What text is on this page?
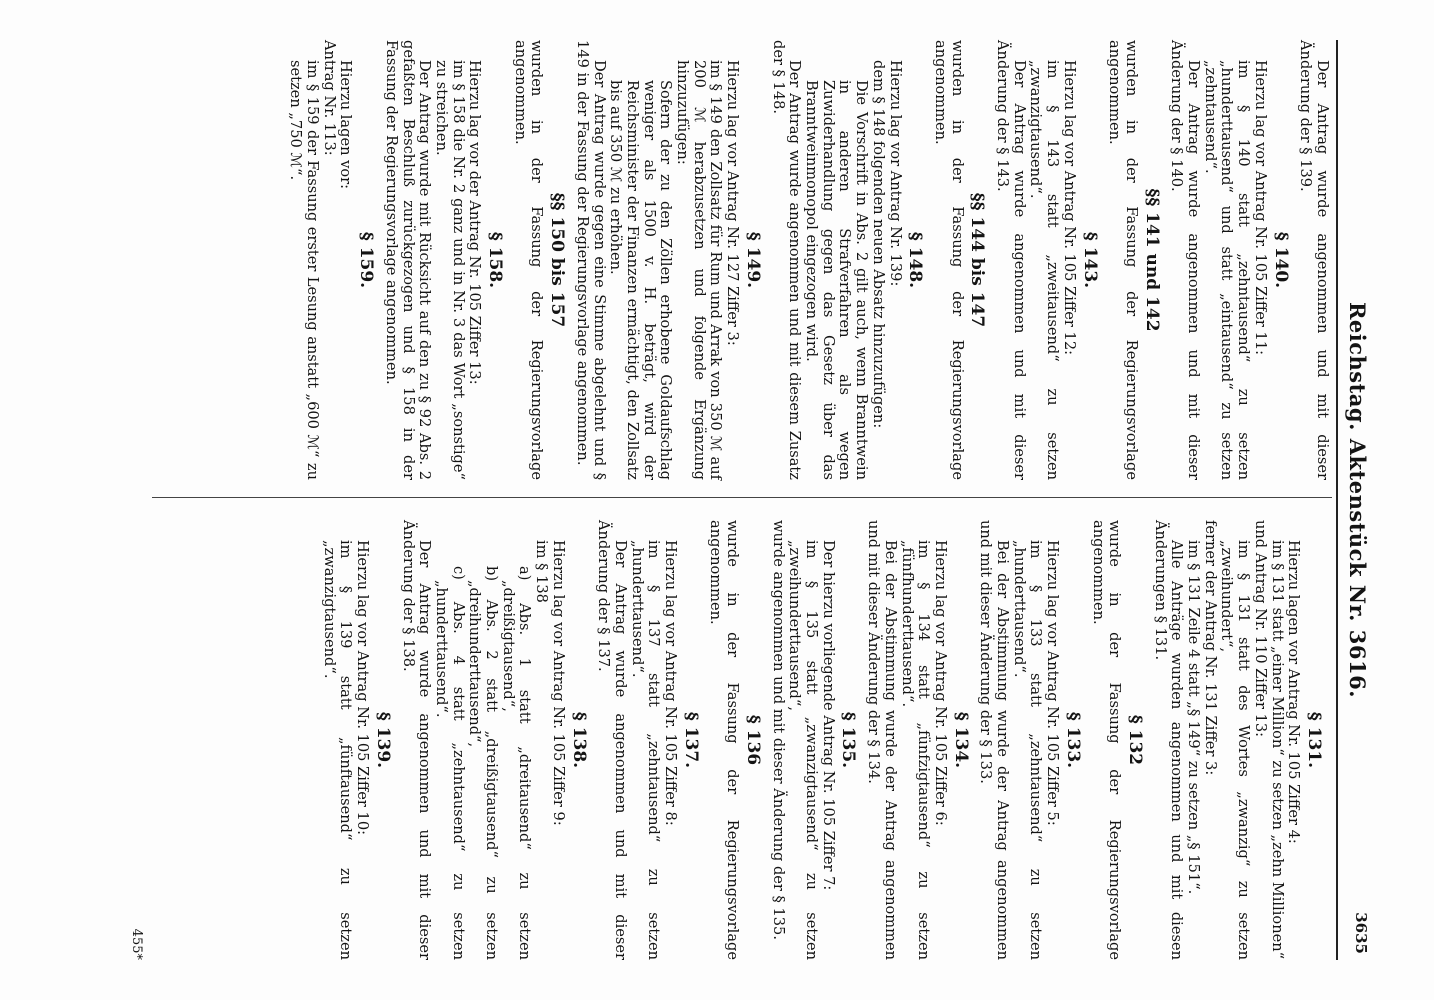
Reichstag. Aktenstück Nr. 3616.
3635

Der Antrag wurde angenommen und mit dieser Änderung der § 139.

§ 140.

Hierzu lag vor Antrag Nr. 105 Ziffer 11:

im § 140 statt „zehntausend“ zu setzen „hunderttausend“ und statt „eintausend“ zu setzen „zehntausend“.

Der Antrag wurde angenommen und mit dieser Änderung der § 140.

§§ 141 und 142

wurden in der Fassung der Regierungsvorlage angenommen.

§ 143.

Hierzu lag vor Antrag Nr. 105 Ziffer 12:

im § 143 statt „zweitausend“ zu setzen „zwanzigtausend“.

Der Antrag wurde angenommen und mit dieser Änderung der § 143.

§§ 144 bis 147

wurden in der Fassung der Regierungsvorlage angenommen.

§ 148.

Hierzu lag vor Antrag Nr. 139:

dem § 148 folgenden neuen Absatz hinzuzufügen:

Die Vorschrift in Abs. 2 gilt auch, wenn Branntwein in anderen Strafverfahren als wegen Zuwiderhandlung gegen das Gesetz über das Branntweinmonopol eingezogen wird.

Der Antrag wurde angenommen und mit diesem Zusatz der § 148.

§ 149.

Hierzu lag vor Antrag Nr. 127 Ziffer 3:

im § 149 den Zollsatz für Rum und Arrak von 350 ℳ auf 200 ℳ herabzusetzen und folgende Ergänzung hinzuzufügen:

Sofern der zu den Zöllen erhobene Goldaufschlag weniger als 1500 v. H. beträgt, wird der Reichsminister der Finanzen ermächtigt, den Zollsatz bis auf 350 ℳ zu erhöhen.

Der Antrag wurde gegen eine Stimme abgelehnt und § 149 in der Fassung der Regierungsvorlage angenommen.

§§ 150 bis 157

wurden in der Fassung der Regierungsvorlage angenommen.

§ 158.

Hierzu lag vor der Antrag Nr. 105 Ziffer 13:

im § 158 die Nr. 2 ganz und in Nr. 3 das Wort „sonstige“ zu streichen.

Der Antrag wurde mit Rücksicht auf den zu § 92 Abs. 2 gefaßten Beschluß zurückgezogen und § 158 in der Fassung der Regierungsvorlage angenommen.

§ 159.

Hierzu lagen vor:

Antrag Nr. 113:

im § 159 der Fassung erster Lesung anstatt „600 ℳ“ zu setzen „750 ℳ“.

§ 131.

Hierzu lagen vor Antrag Nr. 105 Ziffer 4:

im § 131 statt „einer Million“ zu setzen „zehn Millionen“

und Antrag Nr. 110 Ziffer 13:

im § 131 statt des Wortes „zwanzig“ zu setzen „zweihundert“,

ferner der Antrag Nr. 131 Ziffer 3:

im § 131 Zeile 4 statt „§ 149“ zu setzen „§ 151“.

Alle Anträge wurden angenommen und mit diesen Änderungen § 131.

§ 132

wurde in der Fassung der Regierungsvorlage angenommen.

§ 133.

Hierzu lag vor Antrag Nr. 105 Ziffer 5:

im § 133 statt „zehntausend“ zu setzen „hunderttausend“.

Bei der Abstimmung wurde der Antrag angenommen und mit dieser Änderung der § 133.

§ 134.

Hierzu lag vor Antrag Nr. 105 Ziffer 6:

im § 134 statt „fünfzigtausend“ zu setzen „fünfhunderttausend“.

Bei der Abstimmung wurde der Antrag angenommen und mit dieser Änderung der § 134.

§ 135.

Der hierzu vorliegende Antrag Nr. 105 Ziffer 7:

im § 135 statt „zwanzigtausend“ zu setzen „zweihunderttausend“,

wurde angenommen und mit dieser Änderung der § 135.

§ 136

wurde in der Fassung der Regierungsvorlage angenommen.

§ 137.

Hierzu lag vor Antrag Nr. 105 Ziffer 8:

im § 137 statt „zehntausend“ zu setzen „hunderttausend“.

Der Antrag wurde angenommen und mit dieser Änderung der § 137.

§ 138.

Hierzu lag vor Antrag Nr. 105 Ziffer 9:

im § 138

a) Abs. 1 statt „dreitausend“ zu setzen „dreißigtausend“,

b) Abs. 2 statt „dreißigtausend“ zu setzen „dreihunderttausend“,

c) Abs. 4 statt „zehntausend“ zu setzen „hunderttausend“.

Der Antrag wurde angenommen und mit dieser Änderung der § 138.

§ 139.

Hierzu lag vor Antrag Nr. 105 Ziffer 10:

im § 139 statt „fünftausend“ zu setzen „zwanzigtausend“.

455*
